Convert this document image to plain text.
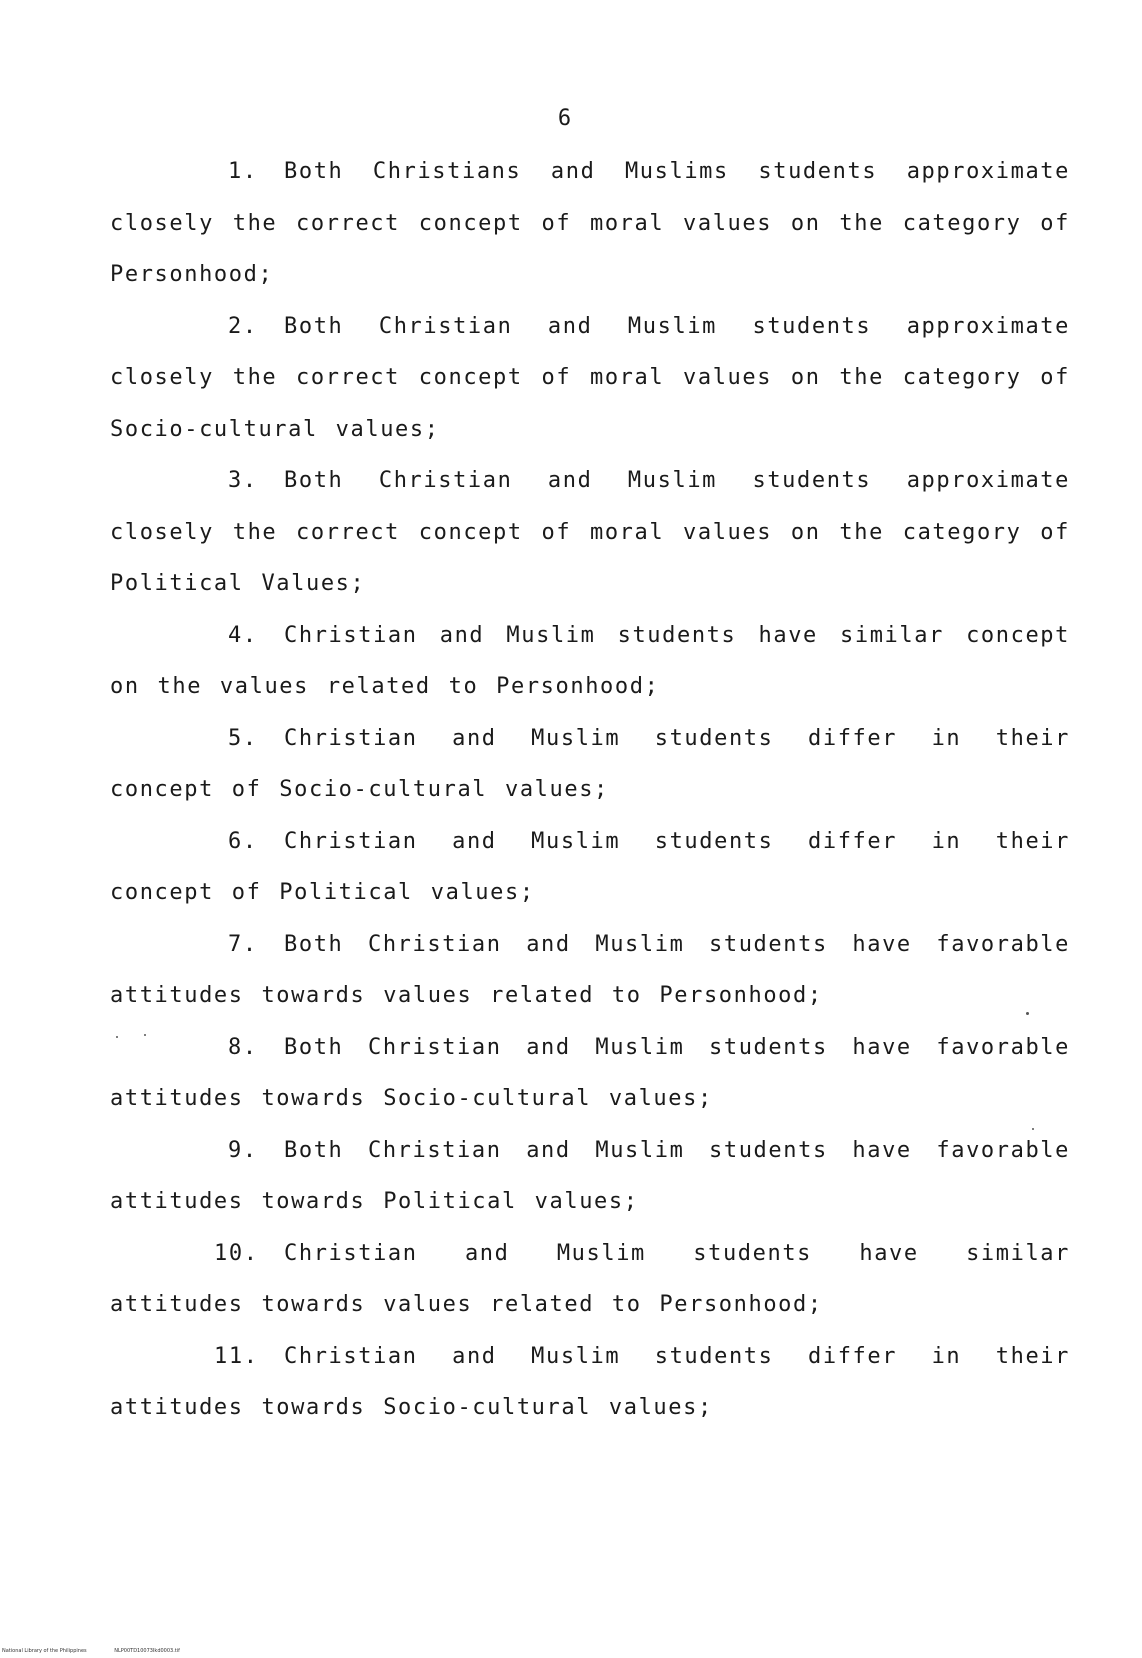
6

1. Both Christians and Muslims students approximate closely the correct concept of moral values on the category of Personhood;

2. Both Christian and Muslim students approximate closely the correct concept of moral values on the category of Socio-cultural values;

3. Both Christian and Muslim students approximate closely the correct concept of moral values on the category of Political Values;

4. Christian and Muslim students have similar concept on the values related to Personhood;

5. Christian and Muslim students differ in their concept of Socio-cultural values;

6. Christian and Muslim students differ in their concept of Political values;

7. Both Christian and Muslim students have favorable attitudes towards values related to Personhood;

8. Both Christian and Muslim students have favorable attitudes towards Socio-cultural values;

9. Both Christian and Muslim students have favorable attitudes towards Political values;

10. Christian and Muslim students have similar attitudes towards values related to Personhood;

11. Christian and Muslim students differ in their attitudes towards Socio-cultural values;

National Library of the Philippines	NLP00TD10073Ikd0003.tif
